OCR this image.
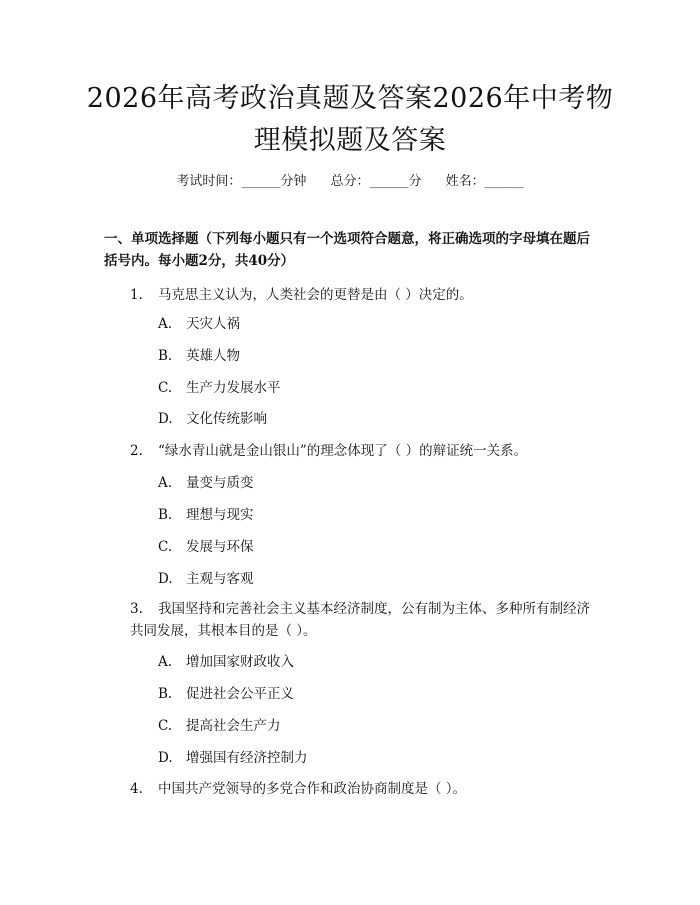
2026年高考政治真题及答案2026年中考物
理模拟题及答案
考试时间：______分钟 总分：______分 姓名：______
一、单项选择题（下列每小题只有一个选项符合题意，将正确选项的字母填在题后括号内。每小题2分，共40分）
1. 马克思主义认为，人类社会的更替是由（ ）决定的。
A. 天灾人祸
B. 英雄人物
C. 生产力发展水平
D. 文化传统影响
2. “绿水青山就是金山银山”的理念体现了（ ）的辩证统一关系。
A. 量变与质变
B. 理想与现实
C. 发展与环保
D. 主观与客观
3. 我国坚持和完善社会主义基本经济制度，公有制为主体、多种所有制经济共同发展，其根本目的是（ ）。
A. 增加国家财政收入
B. 促进社会公平正义
C. 提高社会生产力
D. 增强国有经济控制力
4. 中国共产党领导的多党合作和政治协商制度是（ ）。
